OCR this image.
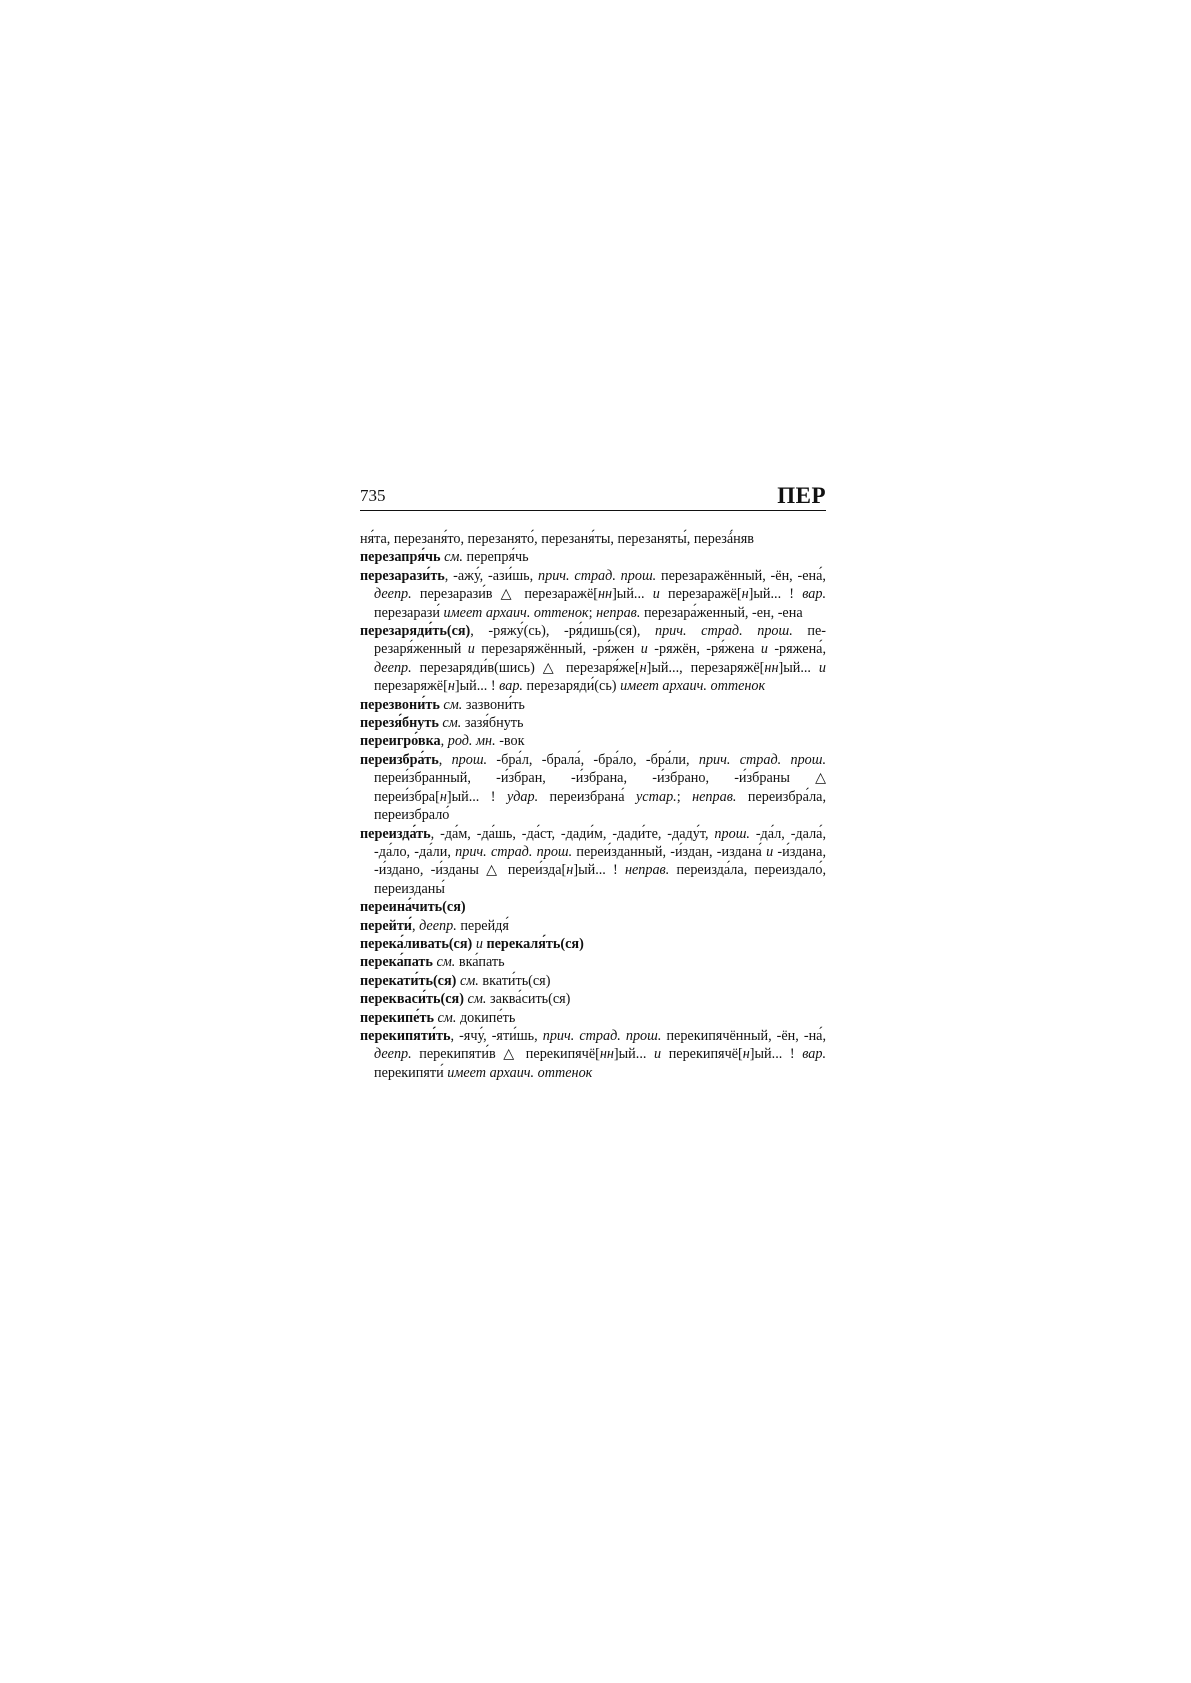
735	ПЕР

ня́та, перезаня́то, перезанято́, перезаня́ты, перезаняты́, перезá́няв

перезапря́чь см. перепря́чь

перезарази́ть, -ажу́, -ази́шь, прич. страд. прош. перезаражённый, -ён, -ена́, деепр. перезарази́в △ перезаражё[нн]ый... и перезаражё[н]ый... ! вар. перезарази́ имеет архаич. оттенок; неправ. перезара́женный, -ен, -ена

перезаряди́ть(ся), -ряжу́(сь), -ря́дишь(ся), прич. страд. прош. перезаря́женный и перезаряжённый, -ря́жен и -ряжён, -ря́жена и -ряжена́, деепр. перезаряди́в(шись) △ перезаря́же[н]ый..., перезаряжё[нн]ый... и перезаряжё[н]ый... ! вар. перезаряди́(сь) имеет архаич. оттенок

перезвони́ть см. зазвони́ть

перезя́бнуть см. зазя́бнуть

переигро́вка, род. мн. -вок

переизбра́ть, прош. -бра́л, -брала́, -бра́ло, -бра́ли, прич. страд. прош. переи́збранный, -и́збран, -и́збрана, -и́збрано, -и́збраны △ переи́збра[н]ый... ! удар. переизбрана́ устар.; неправ. переизбра́ла, переизбрало́

переизда́ть, -да́м, -да́шь, -да́ст, -дади́м, -дади́те, -даду́т, прош. -да́л, -дала́, -да́ло, -да́ли, прич. страд. прош. переи́зданный, -и́здан, -издана́ и -и́здана, -и́здано, -и́зданы △ переи́зда[н]ый... ! неправ. переизда́ла, переиздало́, переизданы́

переина́чить(ся)

перейти́, деепр. перейдя́

перека́ливать(ся) и перекаля́ть(ся)

перека́пать см. вка́пать

перекати́ть(ся) см. вкати́ть(ся)

перекваси́ть(ся) см. заква́сить(ся)

перекипе́ть см. докипе́ть

перекипяти́ть, -ячу́, -яти́шь, прич. страд. прош. перекипячённый, -ён, -на́, деепр. перекипяти́в △ перекипячё[нн]ый... и перекипячё[н]ый... ! вар. перекипяти́ имеет архаич. оттенок
